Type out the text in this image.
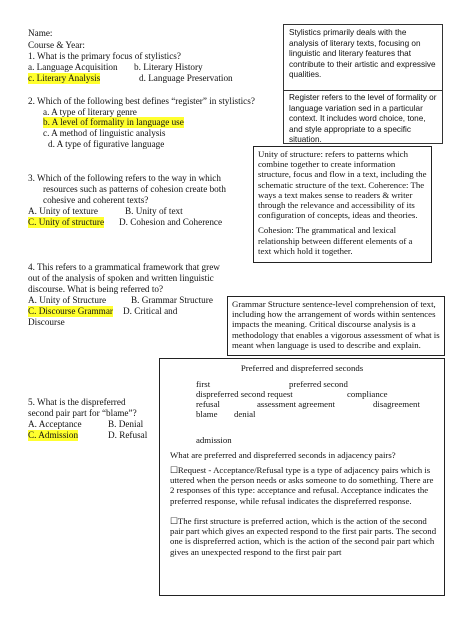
Name:
Course & Year:
1. What is the primary focus of stylistics?
a. Language Acquisition b. Literary History
c. Literary Analysis	d. Language Preservation
2. Which of the following best defines “register” in stylistics?
a. A type of literary genre
b. A level of formality in language use
c. A method of linguistic analysis
d. A type of figurative language
3. Which of the following refers to the way in which
resources such as patterns of cohesion create both
cohesive and coherent texts?
A. Unity of texture	B. Unity of text
C. Unity of structure D. Cohesion and Coherence
4. This refers to a grammatical framework that grew
out of the analysis of spoken and written linguistic
discourse. What is being referred to?
A. Unity of Structure	B. Grammar Structure
C. Discourse Grammar D. Critical and
Discourse
5. What is the dispreferred
second pair part for “blame”?
A. Acceptance	B. Denial
C. Admission	D. Refusal
Stylistics primarily deals with the analysis of literary texts, focusing on linguistic and literary features that contribute to their artistic and expressive qualities.
Register refers to the level of formality or language variation sed in a particular context. It includes word choice, tone, and style appropriate to a specific situation.
Unity of structure: refers to patterns which combine together to create information structure, focus and flow in a text, including the schematic structure of the text. Coherence: The ways a text makes sense to readers & writer through the relevance and accessibility of its configuration of concepts, ideas and theories.
Cohesion: The grammatical and lexical relationship between different elements of a text which hold it together.
Grammar Structure sentence-level comprehension of text, including how the arrangement of words within sentences impacts the meaning. Critical discourse analysis is a methodology that enables a vigorous assessment of what is meant when language is used to describe and explain.
Preferred and dispreferred seconds
first	preferred second
dispreferred second request	compliance
refusal	assessment agreement	disagreement
blame denial
admission
What are preferred and dispreferred seconds in adjacency pairs?
☐Request - Acceptance/Refusal type is a type of adjacency pairs which is uttered when the person needs or asks someone to do something. There are 2 responses of this type: acceptance and refusal. Acceptance indicates the preferred response, while refusal indicates the dispreferred response.
☐The first structure is preferred action, which is the action of the second pair part which gives an expected respond to the first pair parts. The second one is dispreferred action, which is the action of the second pair part which gives an unexpected respond to the first pair part
